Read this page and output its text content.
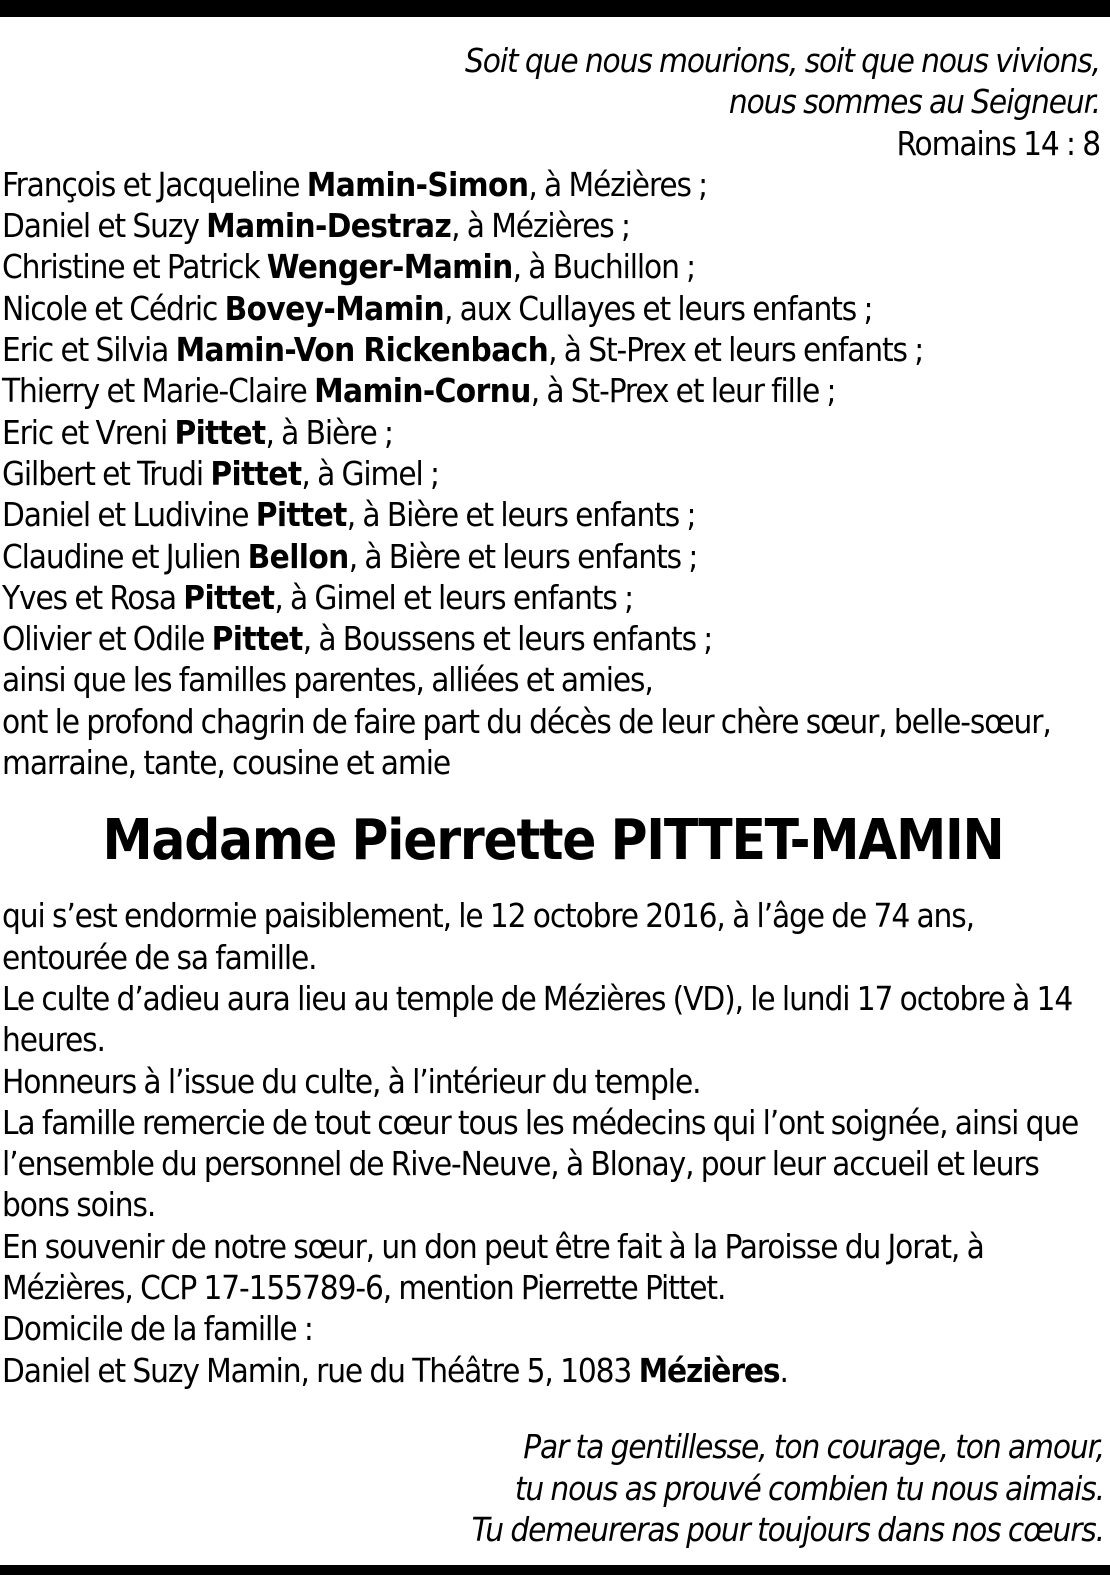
Soit que nous mourions, soit que nous vivions,
nous sommes au Seigneur.
Romains 14 : 8
François et Jacqueline Mamin-Simon, à Mézières ;
Daniel et Suzy Mamin-Destraz, à Mézières ;
Christine et Patrick Wenger-Mamin, à Buchillon ;
Nicole et Cédric Bovey-Mamin, aux Cullayes et leurs enfants ;
Eric et Silvia Mamin-Von Rickenbach, à St-Prex et leurs enfants ;
Thierry et Marie-Claire Mamin-Cornu, à St-Prex et leur fille ;
Eric et Vreni Pittet, à Bière ;
Gilbert et Trudi Pittet, à Gimel ;
Daniel et Ludivine Pittet, à Bière et leurs enfants ;
Claudine et Julien Bellon, à Bière et leurs enfants ;
Yves et Rosa Pittet, à Gimel et leurs enfants ;
Olivier et Odile Pittet, à Boussens et leurs enfants ;

ainsi que les familles parentes, alliées et amies,

ont le profond chagrin de faire part du décès de leur chère sœur, belle-sœur, marraine, tante, cousine et amie

Madame Pierrette PITTET-MAMIN

qui s’est endormie paisiblement, le 12 octobre 2016, à l’âge de 74 ans, entourée de sa famille.

Le culte d’adieu aura lieu au temple de Mézières (VD), le lundi 17 octobre à 14 heures.

Honneurs à l’issue du culte, à l’intérieur du temple.

La famille remercie de tout cœur tous les médecins qui l’ont soignée, ainsi que l’ensemble du personnel de Rive-Neuve, à Blonay, pour leur accueil et leurs bons soins.

En souvenir de notre sœur, un don peut être fait à la Paroisse du Jorat, à Mézières, CCP 17-155789-6, mention Pierrette Pittet.

Domicile de la famille :

Daniel et Suzy Mamin, rue du Théâtre 5, 1083 Mézières.

Par ta gentillesse, ton courage, ton amour,
tu nous as prouvé combien tu nous aimais.
Tu demeureras pour toujours dans nos cœurs.
